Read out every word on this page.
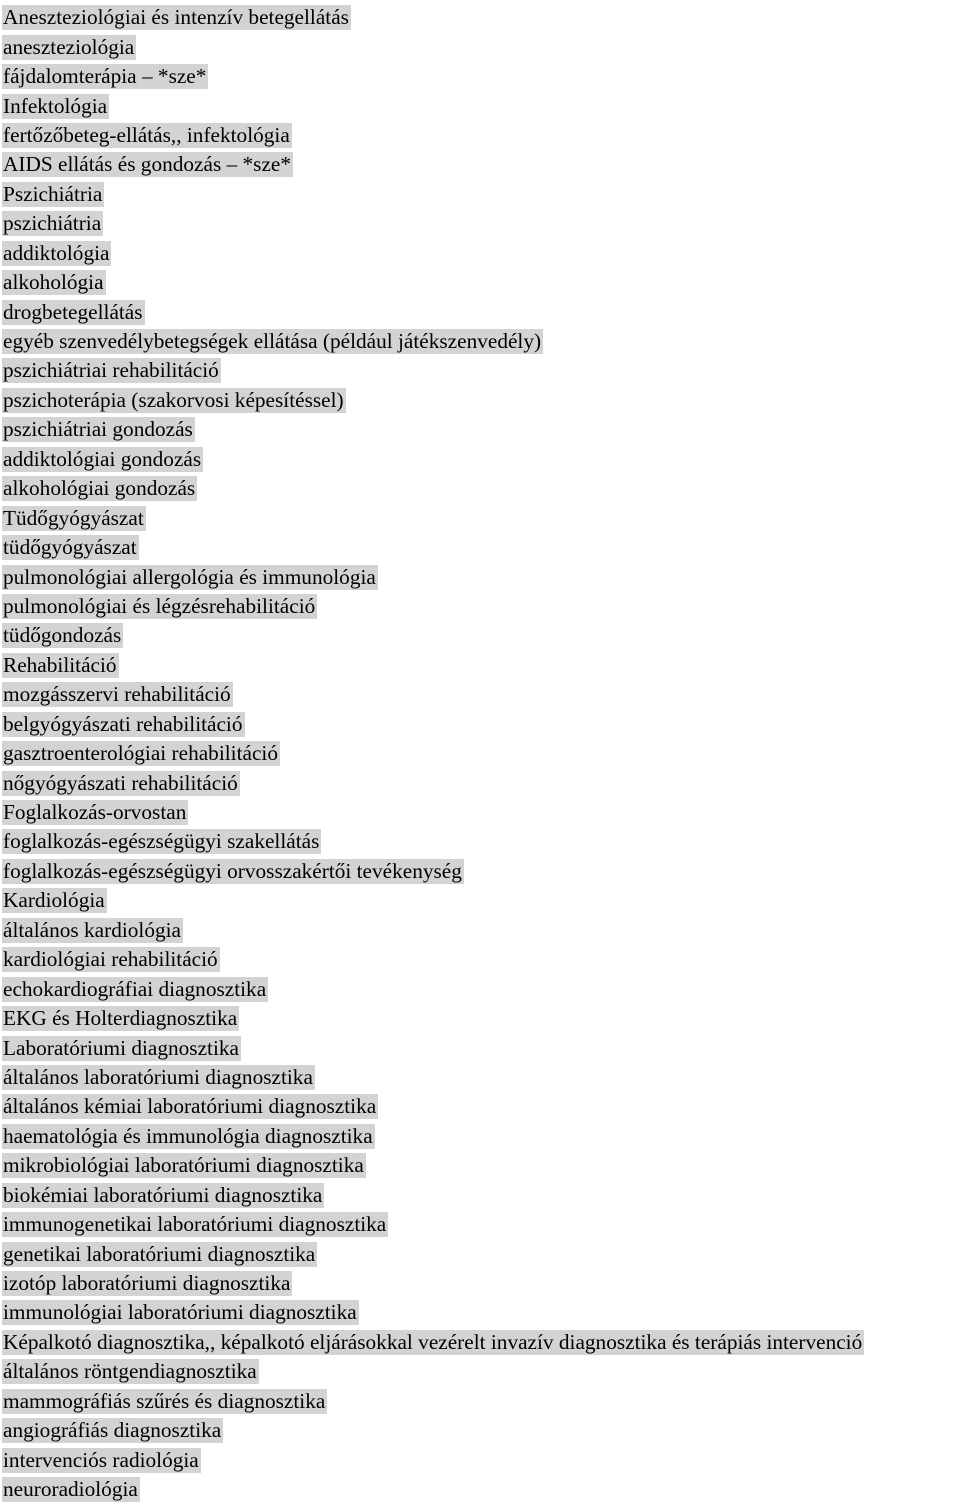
Aneszteziológiai és intenzív betegellátás
aneszteziológia
fájdalomterápia – *sze*
Infektológia
fertőzőbeteg-ellátás,, infektológia
AIDS ellátás és gondozás – *sze*
Pszichiátria
pszichiátria
addiktológia
alkohológia
drogbetegellátás
egyéb szenvedélybetegségek ellátása (például játékszenvedély)
pszichiátriai rehabilitáció
pszichoterápia (szakorvosi képesítéssel)
pszichiátriai gondozás
addiktológiai gondozás
alkohológiai gondozás
Tüdőgyógyászat
tüdőgyógyászat
pulmonológiai allergológia és immunológia
pulmonológiai és légzésrehabilitáció
tüdőgondozás
Rehabilitáció
mozgásszervi rehabilitáció
belgyógyászati rehabilitáció
gasztroenterológiai rehabilitáció
nőgyógyászati rehabilitáció
Foglalkozás-orvostan
foglalkozás-egészségügyi szakellátás
foglalkozás-egészségügyi orvosszakértői tevékenység
Kardiológia
általános kardiológia
kardiológiai rehabilitáció
echokardiográfiai diagnosztika
EKG és Holterdiagnosztika
Laboratóriumi diagnosztika
általános laboratóriumi diagnosztika
általános kémiai laboratóriumi diagnosztika
haematológia és immunológia diagnosztika
mikrobiológiai laboratóriumi diagnosztika
biokémiai laboratóriumi diagnosztika
immunogenetikai laboratóriumi diagnosztika
genetikai laboratóriumi diagnosztika
izotóp laboratóriumi diagnosztika
immunológiai laboratóriumi diagnosztika
Képalkotó diagnosztika,, képalkotó eljárásokkal vezérelt invazív diagnosztika és terápiás intervenció
általános röntgendiagnosztika
mammográfiás szűrés és diagnosztika
angiográfiás diagnosztika
intervenciós radiológia
neuroradiológia
